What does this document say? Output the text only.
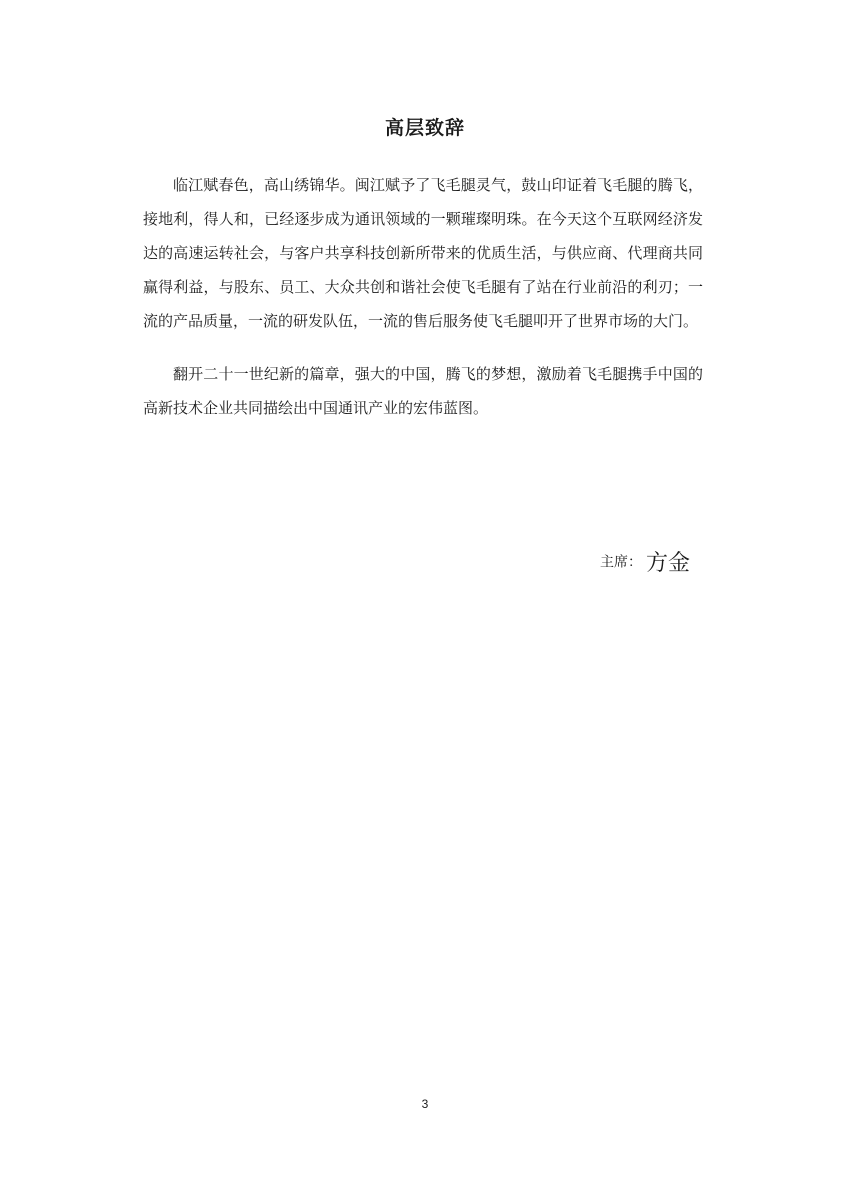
高层致辞

临江赋春色，高山绣锦华。闽江赋予了飞毛腿灵气，鼓山印证着飞毛腿的腾飞，接地利，得人和，已经逐步成为通讯领域的一颗璀璨明珠。在今天这个互联网经济发达的高速运转社会，与客户共享科技创新所带来的优质生活，与供应商、代理商共同赢得利益，与股东、员工、大众共创和谐社会使飞毛腿有了站在行业前沿的利刃；一流的产品质量，一流的研发队伍，一流的售后服务使飞毛腿叩开了世界市场的大门。

翻开二十一世纪新的篇章，强大的中国，腾飞的梦想，激励着飞毛腿携手中国的高新技术企业共同描绘出中国通讯产业的宏伟蓝图。

主席： 方金
3
